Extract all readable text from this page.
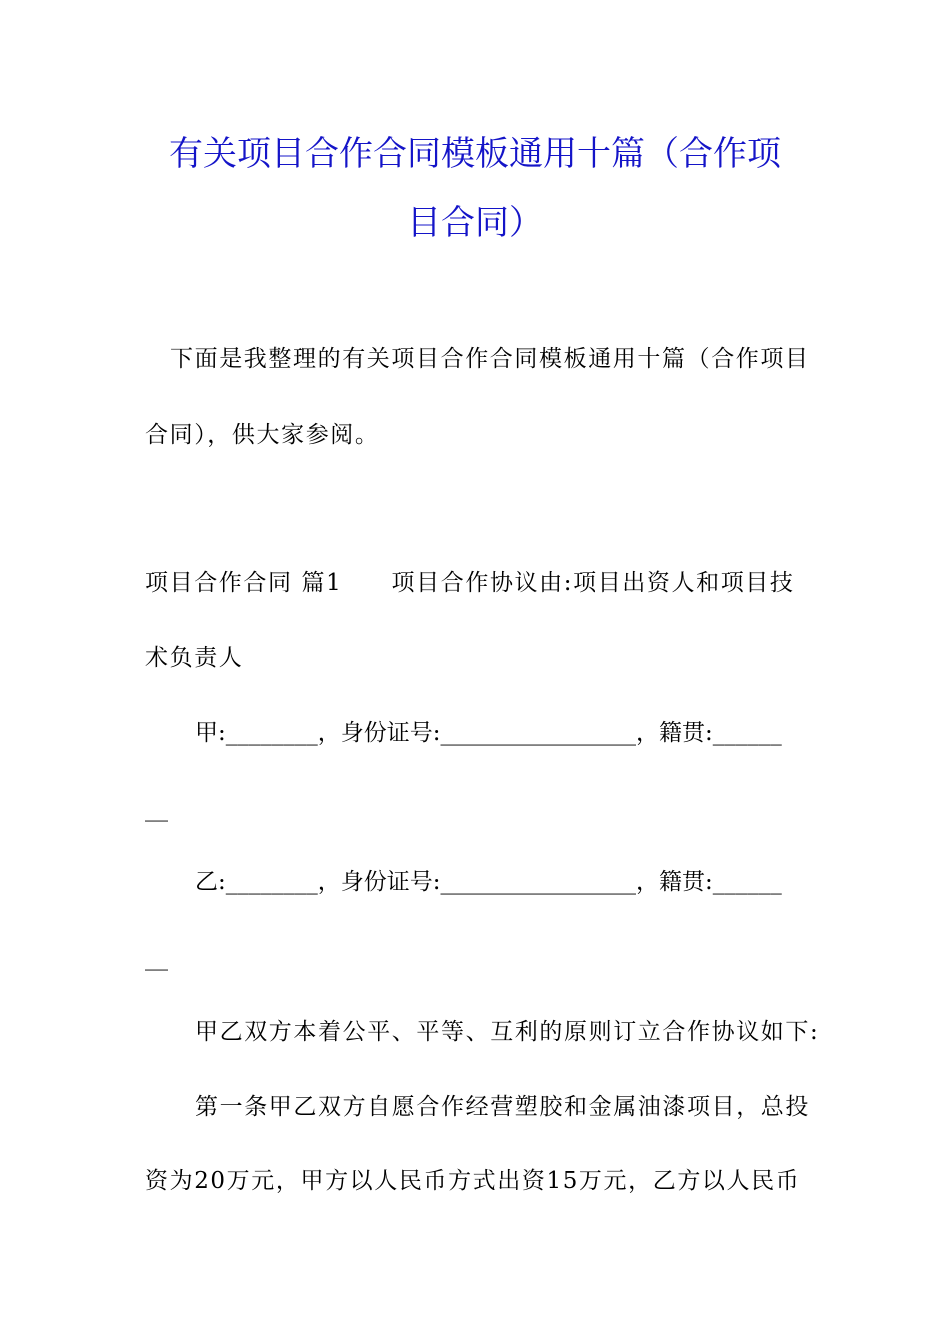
有关项目合作合同模板通用十篇（合作项
目合同）
下面是我整理的有关项目合作合同模板通用十篇（合作项目
合同），供大家参阅。
项目合作合同 篇1　　项目合作协议由:项目出资人和项目技
术负责人
甲:________，身份证号:_________________，籍贯:______
__
乙:________，身份证号:_________________，籍贯:______
__
甲乙双方本着公平、平等、互利的原则订立合作协议如下:
第一条甲乙双方自愿合作经营塑胶和金属油漆项目，总投
资为20万元，甲方以人民币方式出资15万元，乙方以人民币
